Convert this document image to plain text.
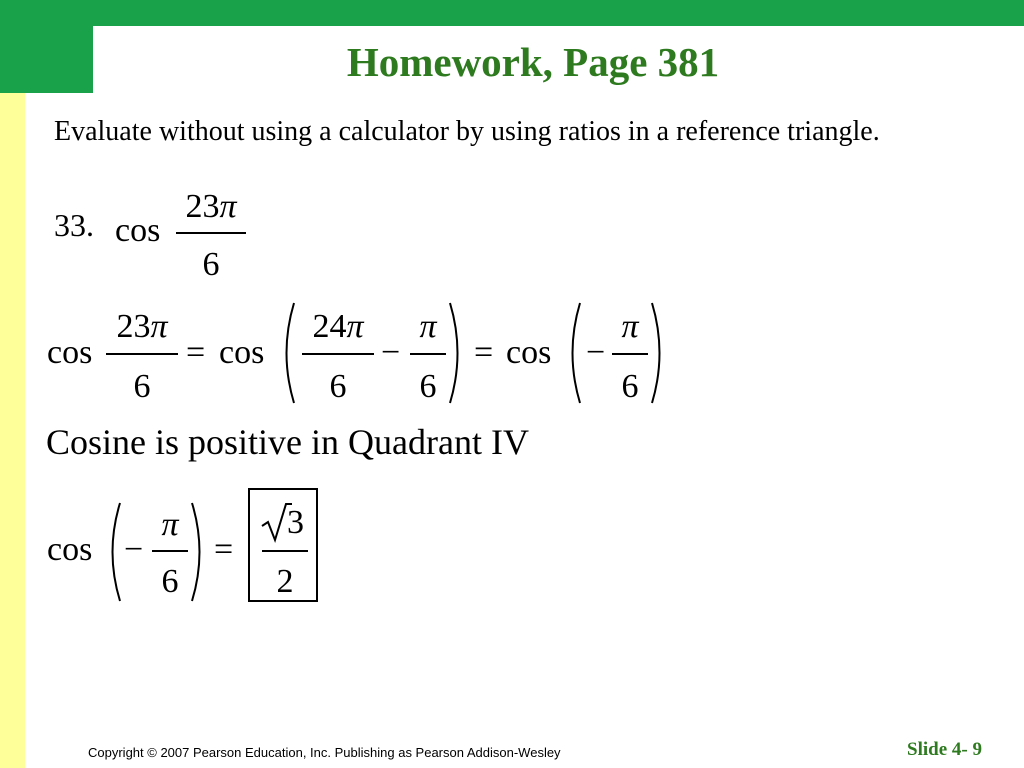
Homework, Page 381
Evaluate without using a calculator by using ratios in a reference triangle.
33. cos
23π
6
cos
23π
6
= cos
24π
6
−
π
6
= cos −
π
6
Cosine is positive in Quadrant IV
cos −
π
6
=
3
2
Copyright © 2007 Pearson Education, Inc. Publishing as Pearson Addison-Wesley	Slide 4- 9
